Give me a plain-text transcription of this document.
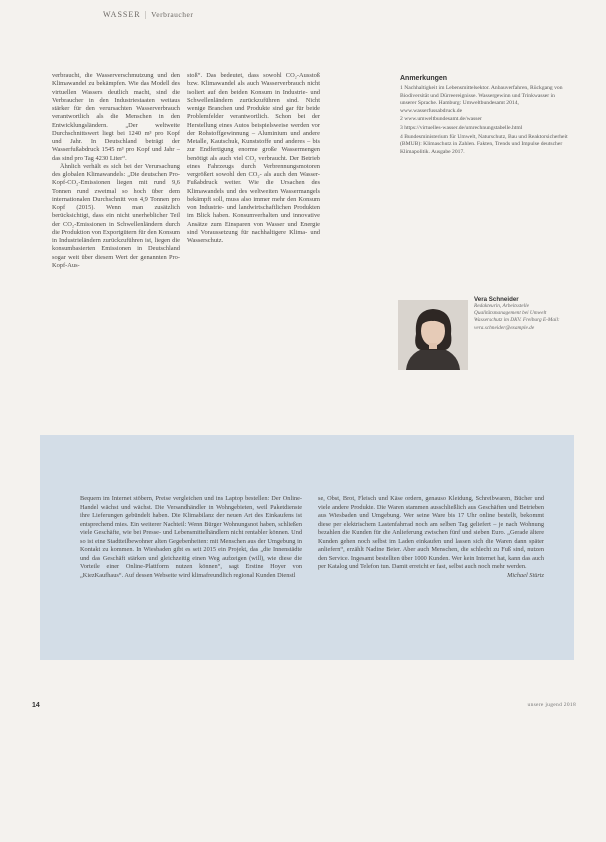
WASSER | Verbraucher

verbraucht, die Wasserverschmutzung und den Klimawandel zu bekämpfen. Wie das Modell des virtuellen Wassers deutlich macht, sind die Verbraucher in den Industriestaaten weitaus stärker für den verursachten Wasserverbrauch verantwortlich als die Menschen in den Entwicklungsländern. „Der weltweite Durchschnittswert liegt bei 1240 m³ pro Kopf und Jahr. In Deutschland beträgt der Wasserfußabdruck 1545 m³ pro Kopf und Jahr – das sind pro Tag 4230 Liter“.

Ähnlich verhält es sich bei der Verursachung des globalen Klimawandels: „Die deutschen Pro-Kopf-CO₂-Emissionen liegen mit rund 9,6 Tonnen rund zweimal so hoch über dem internationalen Durchschnitt von 4,9 Tonnen pro Kopf (2015). Wenn man zusätzlich berücksichtigt, dass ein nicht unerheblicher Teil der CO₂-Emissionen in Schwellenländern durch die Produktion von Exportgütern für den Konsum in Industrieländern zurückzuführen ist, liegen die konsumbasierten Emissionen in Deutschland sogar weit über diesem Wert der genannten Pro-Kopf-Aus-

stoß“. Das bedeutet, dass sowohl CO₂-Ausstoß bzw. Klimawandel als auch Wasserverbrauch nicht isoliert auf den beiden Konsum in Industrie- und Schwellenländern zurückzuführen sind. Nicht wenige Branchen und Produkte sind gar für beide Problemfelder verantwortlich. Schon bei der Herstellung eines Autos beispielsweise werden vor der Rohstoffgewinnung – Aluminium und andere Metalle, Kautschuk, Kunststoffe und anderes – bis zur Endfertigung enorme große Wassermengen benötigt als auch viel CO₂ verbraucht. Der Betrieb eines Fahrzeugs durch Verbrennungsmotoren vergrößert sowohl den CO₂- als auch den Wasser-Fußabdruck weiter. Wie die Ursachen des Klimawandels und des weltweiten Wassermangels bekämpft soll, muss also immer mehr den Konsum von Industrie- und landwirtschaftlichen Produkten im Blick haben. Konsumverhalten und innovative Ansätze zum Einsparen von Wasser und Energie sind Voraussetzung für nachhaltigere Klima- und Wasserschutz.

Anmerkungen

1 Nachhaltigkeit im Lebensmittelsektor. Anbauverfahren, Rückgang von Biodiversität und Dürreereignisse. Wassergewinn und Trinkwasser in unserer Sprache. Hamburg: Umweltbundesamt 2014, www.wasserfussabdruck.de

2 www.umweltbundesamt.de/wasser

3 https://virtuelles-wasser.de/umrechnungstabelle.html

4 Bundesministerium für Umwelt, Naturschutz, Bau und Reaktorsicherheit (BMUB): Klimaschutz in Zahlen. Fakten, Trends und Impulse deutscher Klimapolitik. Ausgabe 2017.

Vera Schneider
Redakteurin, Arbeitsstelle Qualitätsmanagement bei Umwelt Wasserschutz im DKV. Freiburg E-Mail: vera.schneider@example.de

Bequem im Internet stöbern, Preise vergleichen und ins Laptop bestellen: Der Online-Handel wächst und wächst. Die Versandhändler in Wohngebieten, weil Paketdienste ihre Lieferungen gebündelt haben. Die Klimabilanz der neuen Art des Einkaufens ist entsprechend mies. Ein weiterer Nachteil: Wenn Bürger Wohnungsnot haben, schließen viele Geschäfte, wie bei Presse- und Lebensmittelhändlern nicht rentabler können. Und so ist eine Stadtteilbewohner alten Gegebenheiten: mit Menschen aus der Umgebung in Kontakt zu kommen. In Wiesbaden gibt es seit 2015 ein Projekt, das „die Innenstädte und das Geschäft stärken und gleichzeitig einen Weg aufzeigen (will), wie diese die Vorteile einer Online-Plattform nutzen können“, sagt Erstine Hoyer von „KiezKaufhaus“. Auf dessen Webseite wird klimafreundlich regional Kunden Dienstl

se, Obst, Brot, Fleisch und Käse ordern, genauso Kleidung, Schreibwaren, Bücher und viele andere Produkte. Die Waren stammen ausschließlich aus Geschäften und Betrieben aus Wiesbaden und Umgebung. Wer seine Ware bis 17 Uhr online bestellt, bekommt diese per elektrischem Lastenfahrrad noch am selben Tag geliefert – je nach Wohnung bezahlen die Kunden für die Anlieferung zwischen fünf und sieben Euro. „Gerade ältere Kunden gehen noch selbst im Laden einkaufen und lassen sich die Waren dann später anliefern“, erzählt Nadine Beier. Aber auch Menschen, die schlecht zu Fuß sind, nutzen den Service. Ingesamt bestellten über 1000 Kunden. Wer kein Internet hat, kann das auch per Katalog und Telefon tun. Damit erreicht er fast, selbst auch noch mehr werden.

Michael Stürtz

14	unsere jugend 2018
